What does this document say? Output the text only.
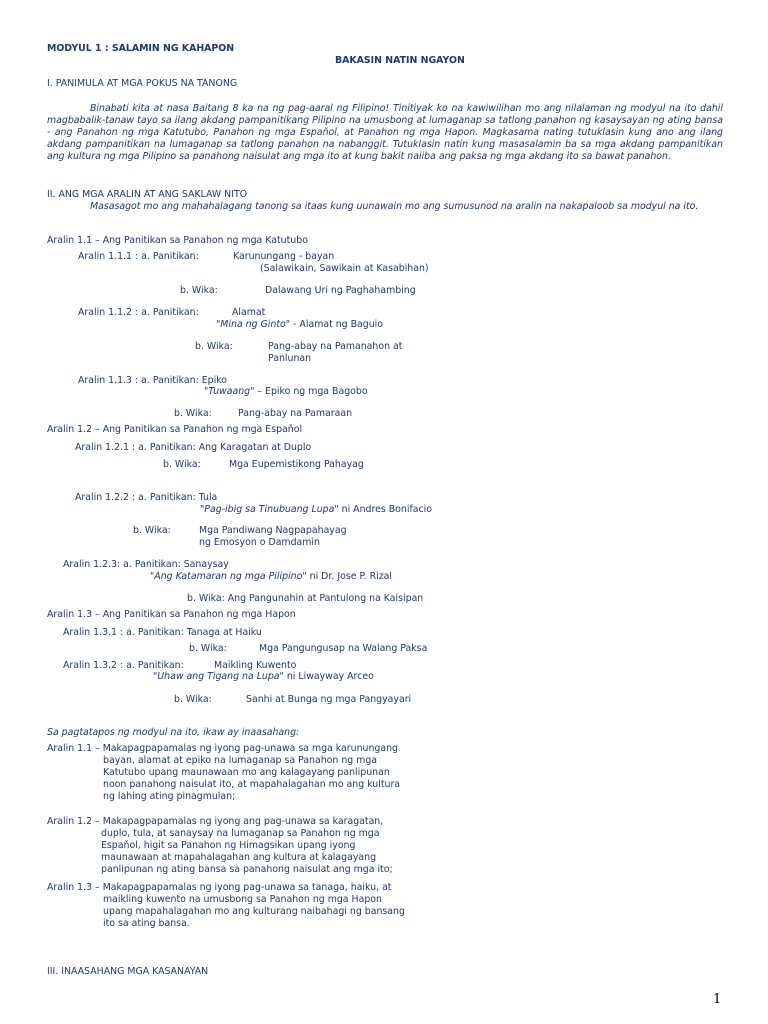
MODYUL 1 : SALAMIN NG KAHAPON
BAKASIN NATIN NGAYON
I. PANIMULA AT MGA POKUS NA TANONG
Binabati kita at nasa Baitang 8 ka na ng pag-aaral ng Filipino! Tinitiyak ko na kawiwilihan mo ang nilalaman ng modyul na ito dahil magbabalik-tanaw tayo sa ilang akdang pampanitikang Pilipino na umusbong at lumaganap sa tatlong panahon ng kasaysayan ng ating bansa - ang Panahon ng mga Katutubo, Panahon ng mga Espaňol, at Panahon ng mga Hapon. Magkasama nating tutuklasin kung ano ang ilang akdang pampanitikan na lumaganap sa tatlong panahon na nabanggit. Tutuklasin natin kung masasalamin ba sa mga akdang pampanitikan ang kultura ng mga Pilipino sa panahong naisulat ang mga ito at kung bakit naiiba ang paksa ng mga akdang ito sa bawat panahon.
II. ANG MGA ARALIN AT ANG SAKLAW NITO
Masasagot mo ang mahahalagang tanong sa itaas kung uunawain mo ang sumusunod na aralin na nakapaloob sa modyul na ito.
Aralin 1.1 – Ang Panitikan sa Panahon ng mga Katutubo
Aralin 1.1.1 : a. Panitikan:	Karunungang - bayan
(Salawikain, Sawikain at Kasabihan)
b. Wika:	Dalawang Uri ng Paghahambing
Aralin 1.1.2 : a. Panitikan:	Alamat
"Mina ng Ginto" - Alamat ng Baguio
b. Wika:	Pang-abay na Pamanahon at
Panlunan
Aralin 1.1.3 : a. Panitikan: Epiko
"Tuwaang" – Epiko ng mga Bagobo
b. Wika:	Pang-abay na Pamaraan
Aralin 1.2 – Ang Panitikan sa Panahon ng mga Espaňol
Aralin 1.2.1 : a. Panitikan: Ang Karagatan at Duplo
b. Wika:	Mga Eupemistikong Pahayag
Aralin 1.2.2 : a. Panitikan: Tula
"Pag-ibig sa Tinubuang Lupa" ni Andres Bonifacio
b. Wika:	Mga Pandiwang Nagpapahayag
ng Emosyon o Damdamin
Aralin 1.2.3: a. Panitikan: Sanaysay
"Ang Katamaran ng mga Pilipino" ni Dr. Jose P. Rizal
b. Wika: Ang Pangunahin at Pantulong na Kaisipan
Aralin 1.3 – Ang Panitikan sa Panahon ng mga Hapon
Aralin 1.3.1 : a. Panitikan: Tanaga at Haiku
b. Wika:	Mga Pangungusap na Walang Paksa
Aralin 1.3.2 : a. Panitikan:	Maikling Kuwento
"Uhaw ang Tigang na Lupa" ni Liwayway Arceo
b. Wika:	Sanhi at Bunga ng mga Pangyayari
Sa pagtatapos ng modyul na ito, ikaw ay inaasahang:
Aralin 1.1 – Makapagpapamalas ng iyong pag-unawa sa mga karunungang
bayan, alamat at epiko na lumaganap sa Panahon ng mga Katutubo upang maunawaan mo ang kalagayang panlipunan noon panahong naisulat ito, at mapahalagahan mo ang kultura ng lahing ating pinagmulan;
Aralin 1.2 – Makapagpapamalas ng iyong ang pag-unawa sa karagatan,
duplo, tula, at sanaysay na lumaganap sa Panahon ng mga Espaňol, higit sa Panahon ng Himagsikan upang iyong maunawaan at mapahalagahan ang kultura at kalagayang panlipunan ng ating bansa sa panahong naisulat ang mga ito;
Aralin 1.3 – Makapagpapamalas ng iyong pag-unawa sa tanaga, haiku, at
maikling kuwento na umusbong sa Panahon ng mga Hapon upang mapahalagahan mo ang kulturang naibahagi ng bansang ito sa ating bansa.
III. INAASAHANG MGA KASANAYAN
1
